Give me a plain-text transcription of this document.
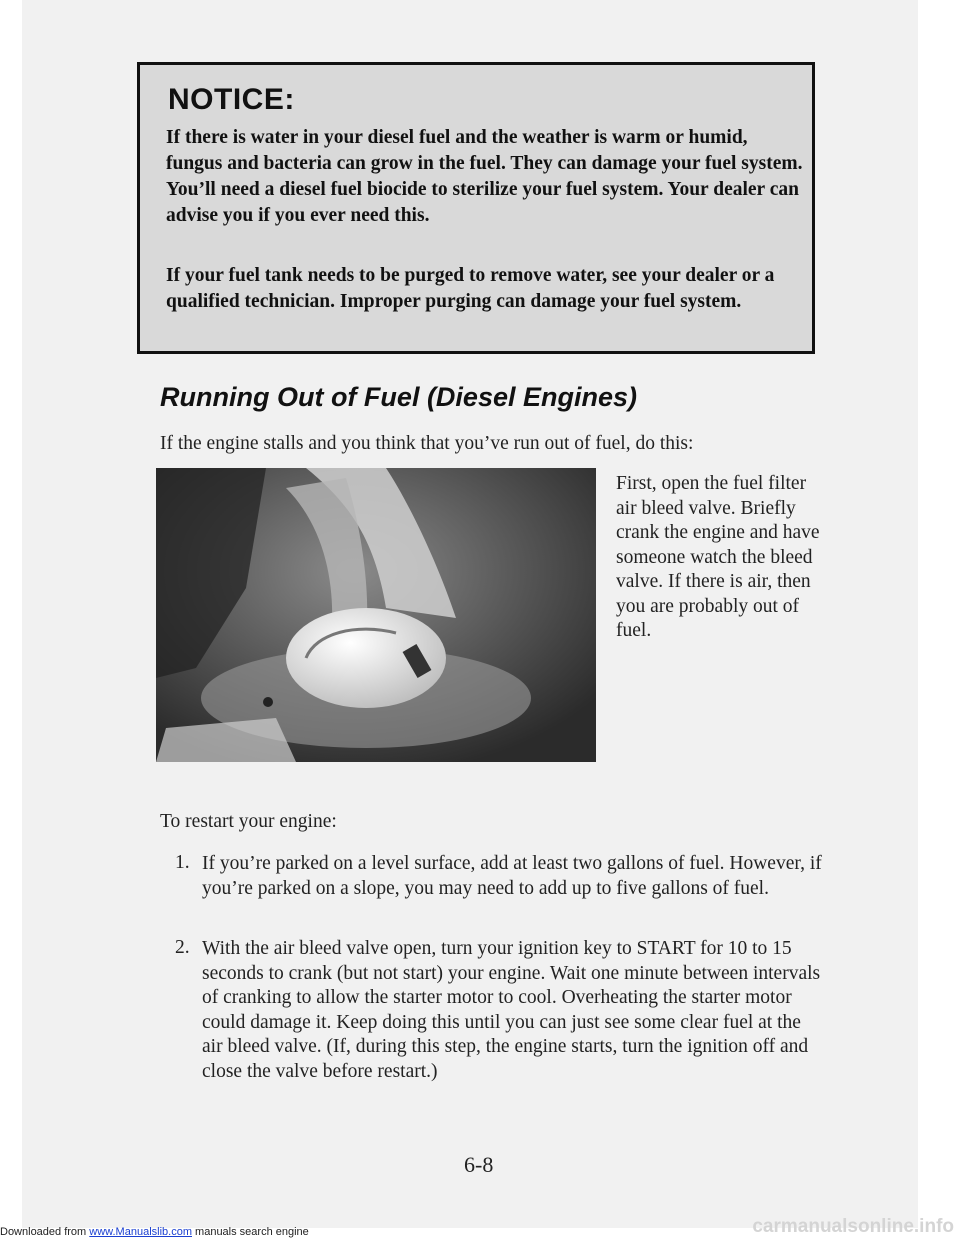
NOTICE:
If there is water in your diesel fuel and the weather is warm or humid, fungus and bacteria can grow in the fuel. They can damage your fuel system. You’ll need a diesel fuel biocide to sterilize your fuel system. Your dealer can advise you if you ever need this.
If your fuel tank needs to be purged to remove water, see your dealer or a qualified technician. Improper purging can damage your fuel system.
Running Out of Fuel (Diesel Engines)
If the engine stalls and you think that you’ve run out of fuel, do this:
First, open the fuel filter air bleed valve. Briefly crank the engine and have someone watch the bleed valve. If there is air, then you are probably out of fuel.
To restart your engine:
1. If you’re parked on a level surface, add at least two gallons of fuel. However, if you’re parked on a slope, you may need to add up to five gallons of fuel.
2. With the air bleed valve open, turn your ignition key to START for 10 to 15 seconds to crank (but not start) your engine. Wait one minute between intervals of cranking to allow the starter motor to cool. Overheating the starter motor could damage it. Keep doing this until you can just see some clear fuel at the air bleed valve. (If, during this step, the engine starts, turn the ignition off and close the valve before restart.)
6-8
Downloaded from www.Manualslib.com manuals search engine	carmanualsonline.info
